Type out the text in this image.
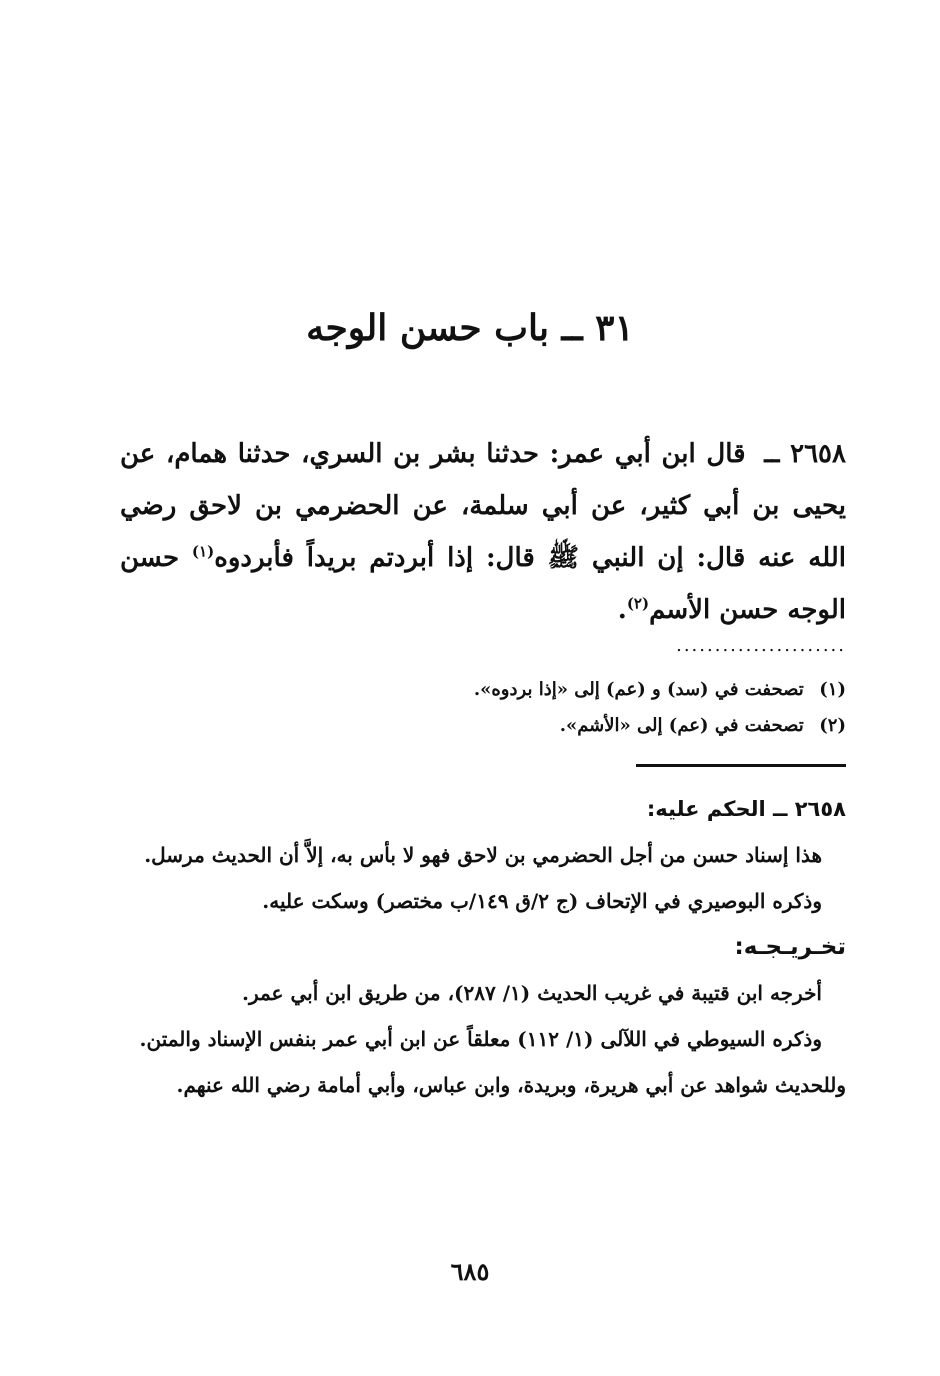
٣١ ــ باب حسن الوجه
٢٦٥٨ ــ قال ابن أبي عمر: حدثنا بشر بن السري، حدثنا همام، عن يحيى بن أبي كثير، عن أبي سلمة، عن الحضرمي بن لاحق رضي الله عنه قال: إن النبي ﷺ قال: إذا أبردتم بريداً فأبردوه$^{(١)}$ حسن الوجه حسن الأسم$^{(٢)}$.
......................
(١) تصحفت في (سد) و (عم) إلى «إذا بردوه».
(٢) تصحفت في (عم) إلى «الأشم».

٢٦٥٨ ــ الحكم عليه:

هذا إسناد حسن من أجل الحضرمي بن لاحق فهو لا بأس به، إلاَّ أن الحديث مرسل.

وذكره البوصيري في الإتحاف (ج ٢/ق ١٤٩/ب مختصر) وسكت عليه.

تخـريـجـه:

أخرجه ابن قتيبة في غريب الحديث (١/ ٢٨٧)، من طريق ابن أبي عمر.

وذكره السيوطي في اللآلى (١/ ١١٢) معلقاً عن ابن أبي عمر بنفس الإسناد والمتن.

وللحديث شواهد عن أبي هريرة، وبريدة، وابن عباس، وأبي أمامة رضي الله عنهم.

٦٨٥
